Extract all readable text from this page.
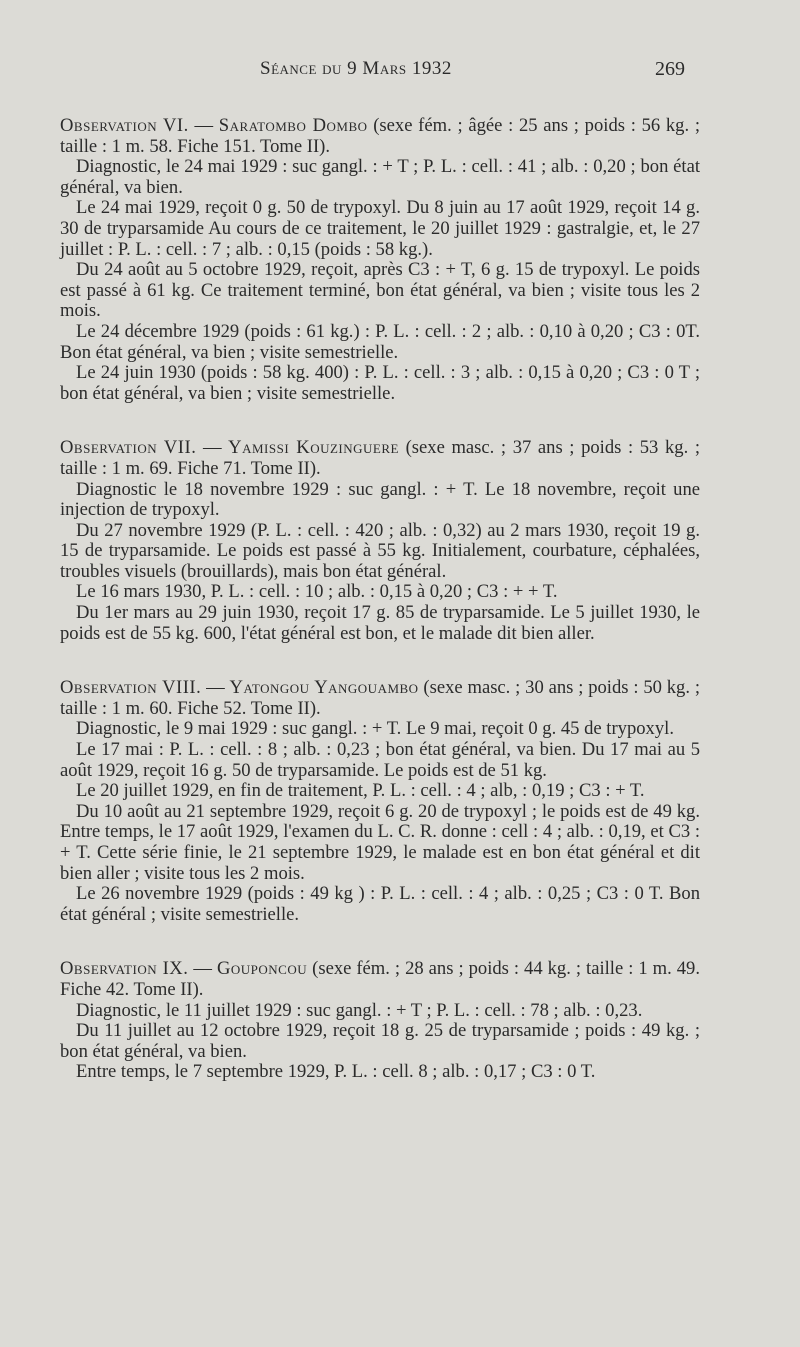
Séance du 9 Mars 1932	269

Observation VI. — Saratombo Dombo (sexe fém. ; âgée : 25 ans ; poids : 56 kg. ; taille : 1 m. 58. Fiche 151. Tome II).

Diagnostic, le 24 mai 1929 : suc gangl. : + T ; P. L. : cell. : 41 ; alb. : 0,20 ; bon état général, va bien.

Le 24 mai 1929, reçoit 0 g. 50 de trypoxyl. Du 8 juin au 17 août 1929, reçoit 14 g. 30 de tryparsamide Au cours de ce traitement, le 20 juillet 1929 : gastralgie, et, le 27 juillet : P. L. : cell. : 7 ; alb. : 0,15 (poids : 58 kg.).

Du 24 août au 5 octobre 1929, reçoit, après C3 : + T, 6 g. 15 de trypoxyl. Le poids est passé à 61 kg. Ce traitement terminé, bon état général, va bien ; visite tous les 2 mois.

Le 24 décembre 1929 (poids : 61 kg.) : P. L. : cell. : 2 ; alb. : 0,10 à 0,20 ; C3 : 0T. Bon état général, va bien ; visite semestrielle.

Le 24 juin 1930 (poids : 58 kg. 400) : P. L. : cell. : 3 ; alb. : 0,15 à 0,20 ; C3 : 0 T ; bon état général, va bien ; visite semestrielle.

Observation VII. — Yamissi Kouzinguere (sexe masc. ; 37 ans ; poids : 53 kg. ; taille : 1 m. 69. Fiche 71. Tome II).

Diagnostic le 18 novembre 1929 : suc gangl. : + T. Le 18 novembre, reçoit une injection de trypoxyl.

Du 27 novembre 1929 (P. L. : cell. : 420 ; alb. : 0,32) au 2 mars 1930, reçoit 19 g. 15 de tryparsamide. Le poids est passé à 55 kg. Initialement, courbature, céphalées, troubles visuels (brouillards), mais bon état général.

Le 16 mars 1930, P. L. : cell. : 10 ; alb. : 0,15 à 0,20 ; C3 : + + T.

Du 1er mars au 29 juin 1930, reçoit 17 g. 85 de tryparsamide. Le 5 juillet 1930, le poids est de 55 kg. 600, l'état général est bon, et le malade dit bien aller.

Observation VIII. — Yatongou Yangouambo (sexe masc. ; 30 ans ; poids : 50 kg. ; taille : 1 m. 60. Fiche 52. Tome II).

Diagnostic, le 9 mai 1929 : suc gangl. : + T. Le 9 mai, reçoit 0 g. 45 de trypoxyl.

Le 17 mai : P. L. : cell. : 8 ; alb. : 0,23 ; bon état général, va bien. Du 17 mai au 5 août 1929, reçoit 16 g. 50 de tryparsamide. Le poids est de 51 kg.

Le 20 juillet 1929, en fin de traitement, P. L. : cell. : 4 ; alb, : 0,19 ; C3 : + T.

Du 10 août au 21 septembre 1929, reçoit 6 g. 20 de trypoxyl ; le poids est de 49 kg. Entre temps, le 17 août 1929, l'examen du L. C. R. donne : cell : 4 ; alb. : 0,19, et C3 : + T. Cette série finie, le 21 septembre 1929, le malade est en bon état général et dit bien aller ; visite tous les 2 mois.

Le 26 novembre 1929 (poids : 49 kg ) : P. L. : cell. : 4 ; alb. : 0,25 ; C3 : 0 T. Bon état général ; visite semestrielle.

Observation IX. — Gouponcou (sexe fém. ; 28 ans ; poids : 44 kg. ; taille : 1 m. 49. Fiche 42. Tome II).

Diagnostic, le 11 juillet 1929 : suc gangl. : + T ; P. L. : cell. : 78 ; alb. : 0,23.

Du 11 juillet au 12 octobre 1929, reçoit 18 g. 25 de tryparsamide ; poids : 49 kg. ; bon état général, va bien.

Entre temps, le 7 septembre 1929, P. L. : cell. 8 ; alb. : 0,17 ; C3 : 0 T.
